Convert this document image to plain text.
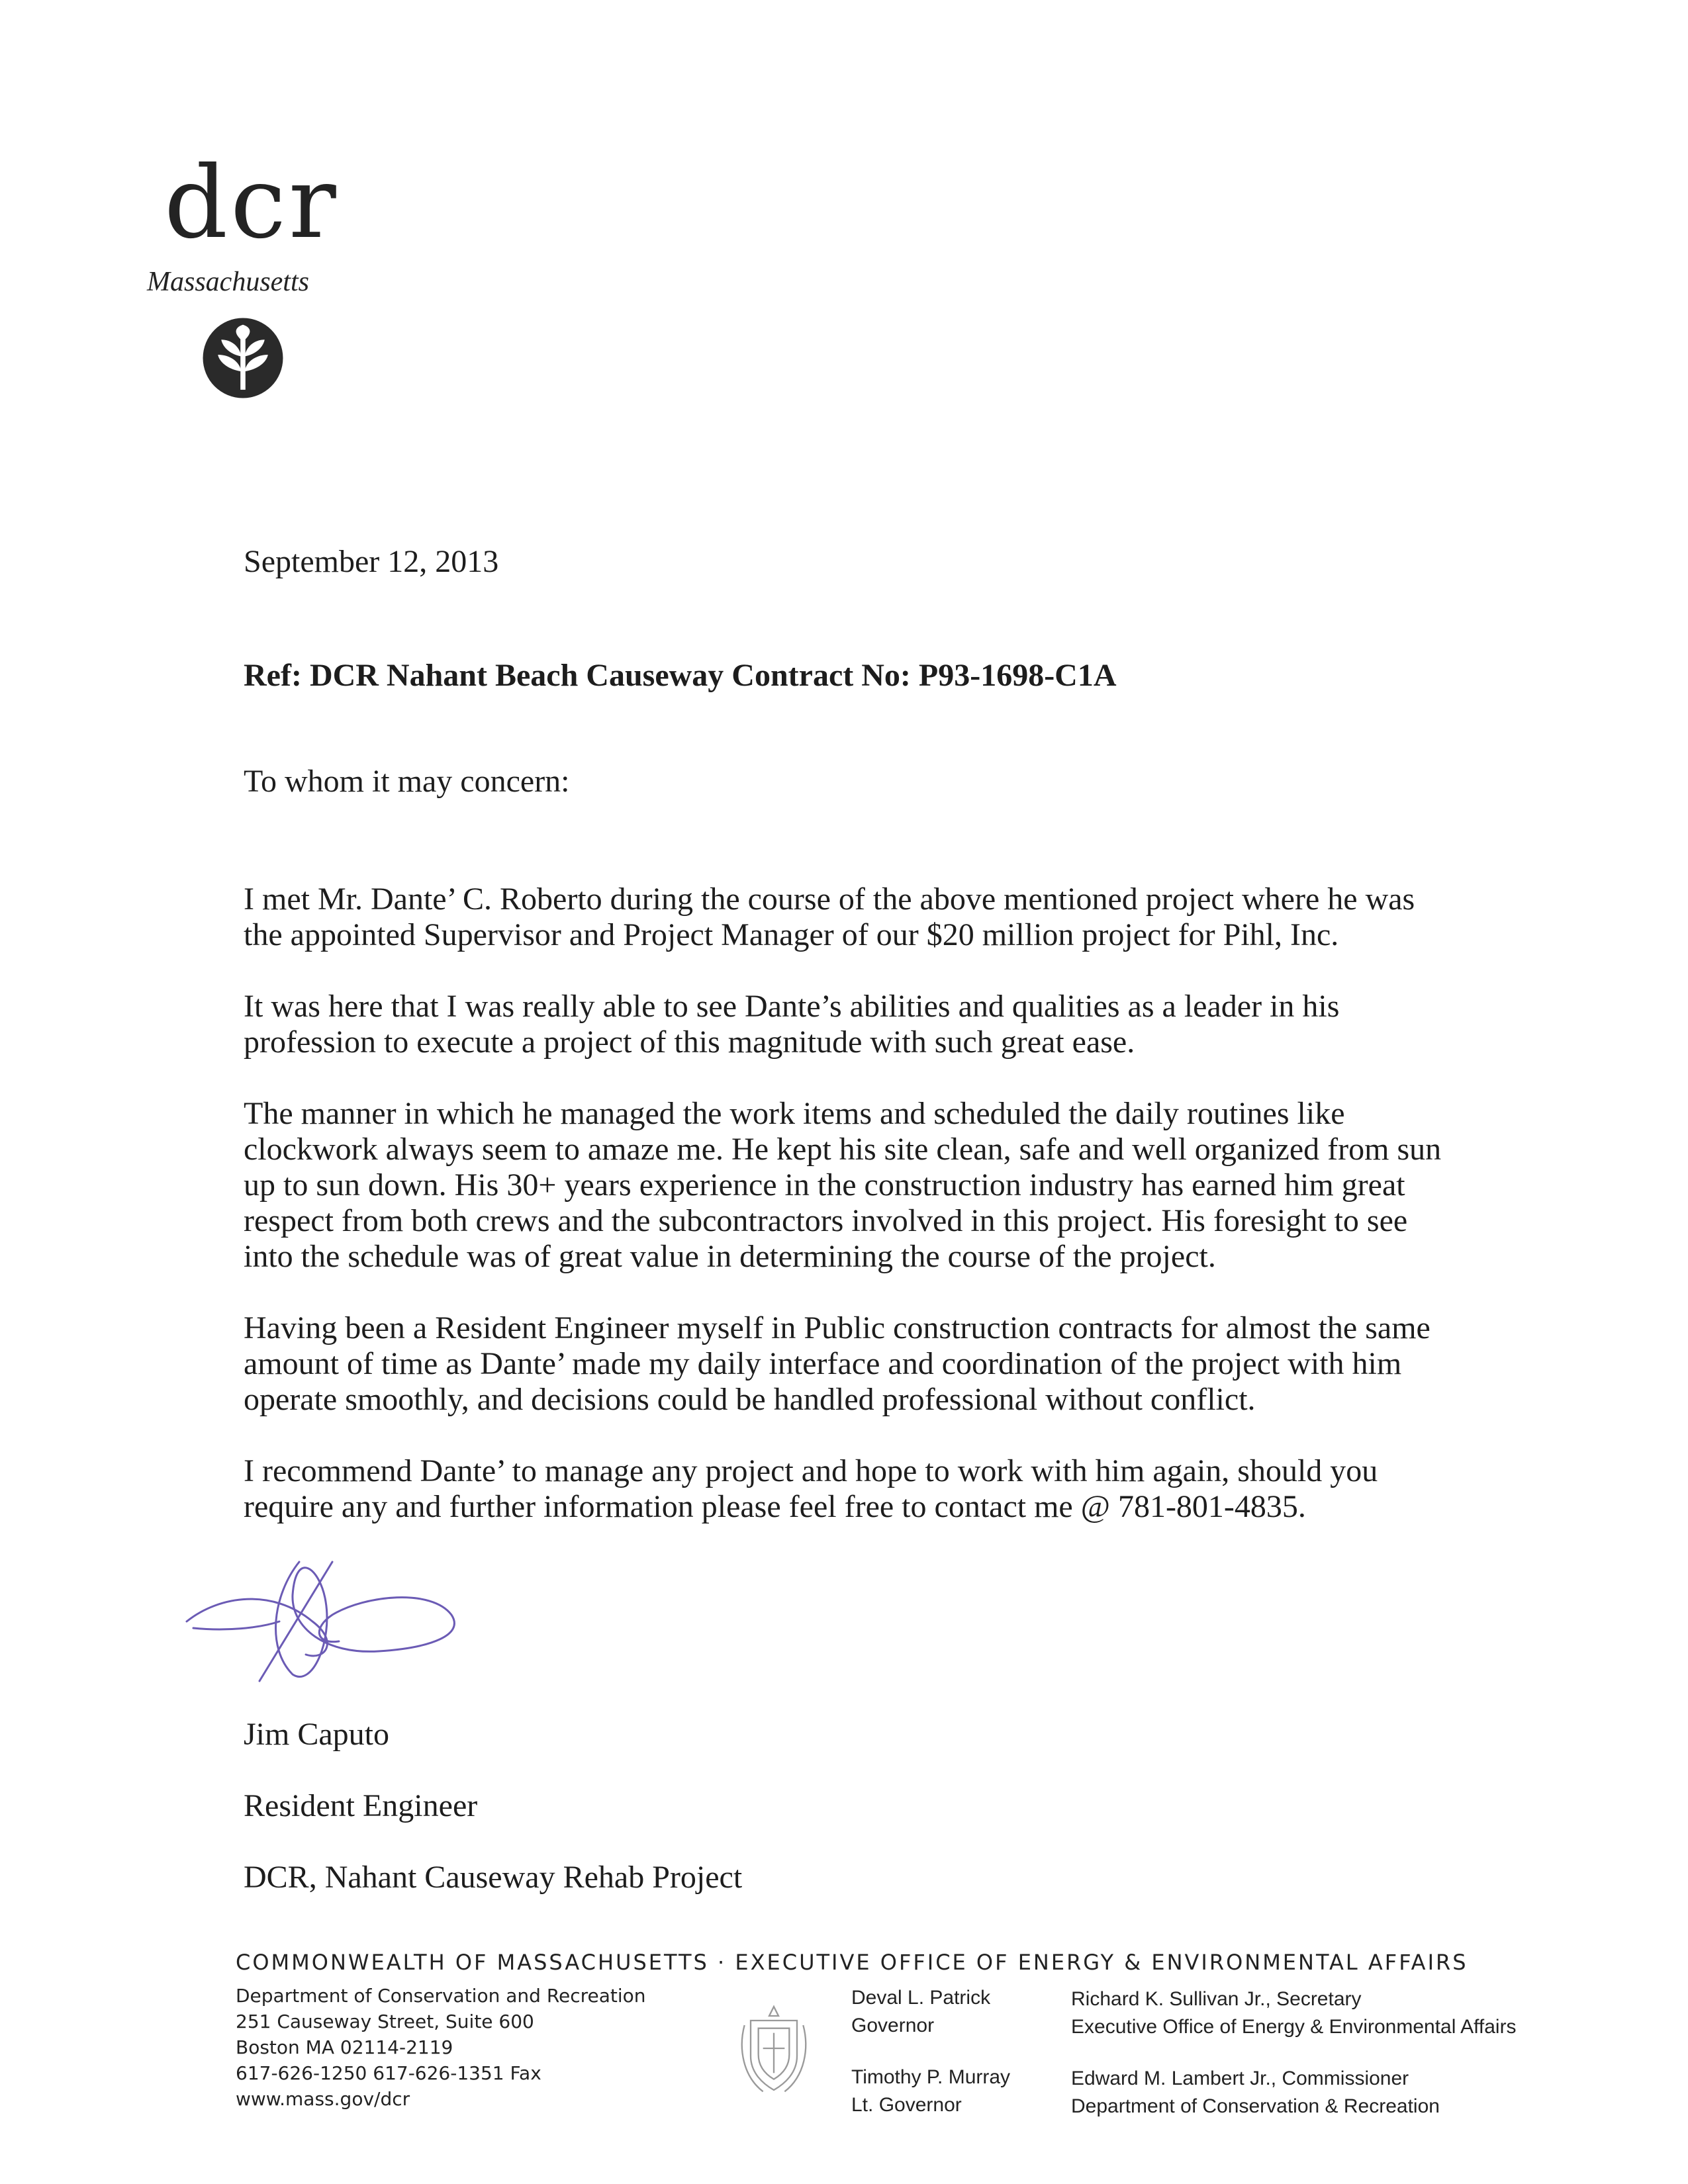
dcr
Massachusetts
September 12, 2013
Ref: DCR Nahant Beach Causeway Contract No: P93-1698-C1A
To whom it may concern:

I met Mr. Dante’ C. Roberto during the course of the above mentioned project where he was
the appointed Supervisor and Project Manager of our $20 million project for Pihl, Inc.

It was here that I was really able to see Dante’s abilities and qualities as a leader in his
profession to execute a project of this magnitude with such great ease.

The manner in which he managed the work items and scheduled the daily routines like
clockwork always seem to amaze me. He kept his site clean, safe and well organized from sun
up to sun down. His 30+ years experience in the construction industry has earned him great
respect from both crews and the subcontractors involved in this project. His foresight to see
into the schedule was of great value in determining the course of the project.

Having been a Resident Engineer myself in Public construction contracts for almost the same
amount of time as Dante’ made my daily interface and coordination of the project with him
operate smoothly, and decisions could be handled professional without conflict.

I recommend Dante’ to manage any project and hope to work with him again, should you
require any and further information please feel free to contact me @ 781-801-4835.

Jim Caputo

Resident Engineer

DCR, Nahant Causeway Rehab Project

COMMONWEALTH OF MASSACHUSETTS · EXECUTIVE OFFICE OF ENERGY & ENVIRONMENTAL AFFAIRS
Department of Conservation and Recreation
251 Causeway Street, Suite 600
Boston MA 02114-2119
617-626-1250 617-626-1351 Fax
www.mass.gov/dcr
Deval L. Patrick
Governor
Timothy P. Murray
Lt. Governor
Richard K. Sullivan Jr., Secretary
Executive Office of Energy & Environmental Affairs
Edward M. Lambert Jr., Commissioner
Department of Conservation & Recreation
